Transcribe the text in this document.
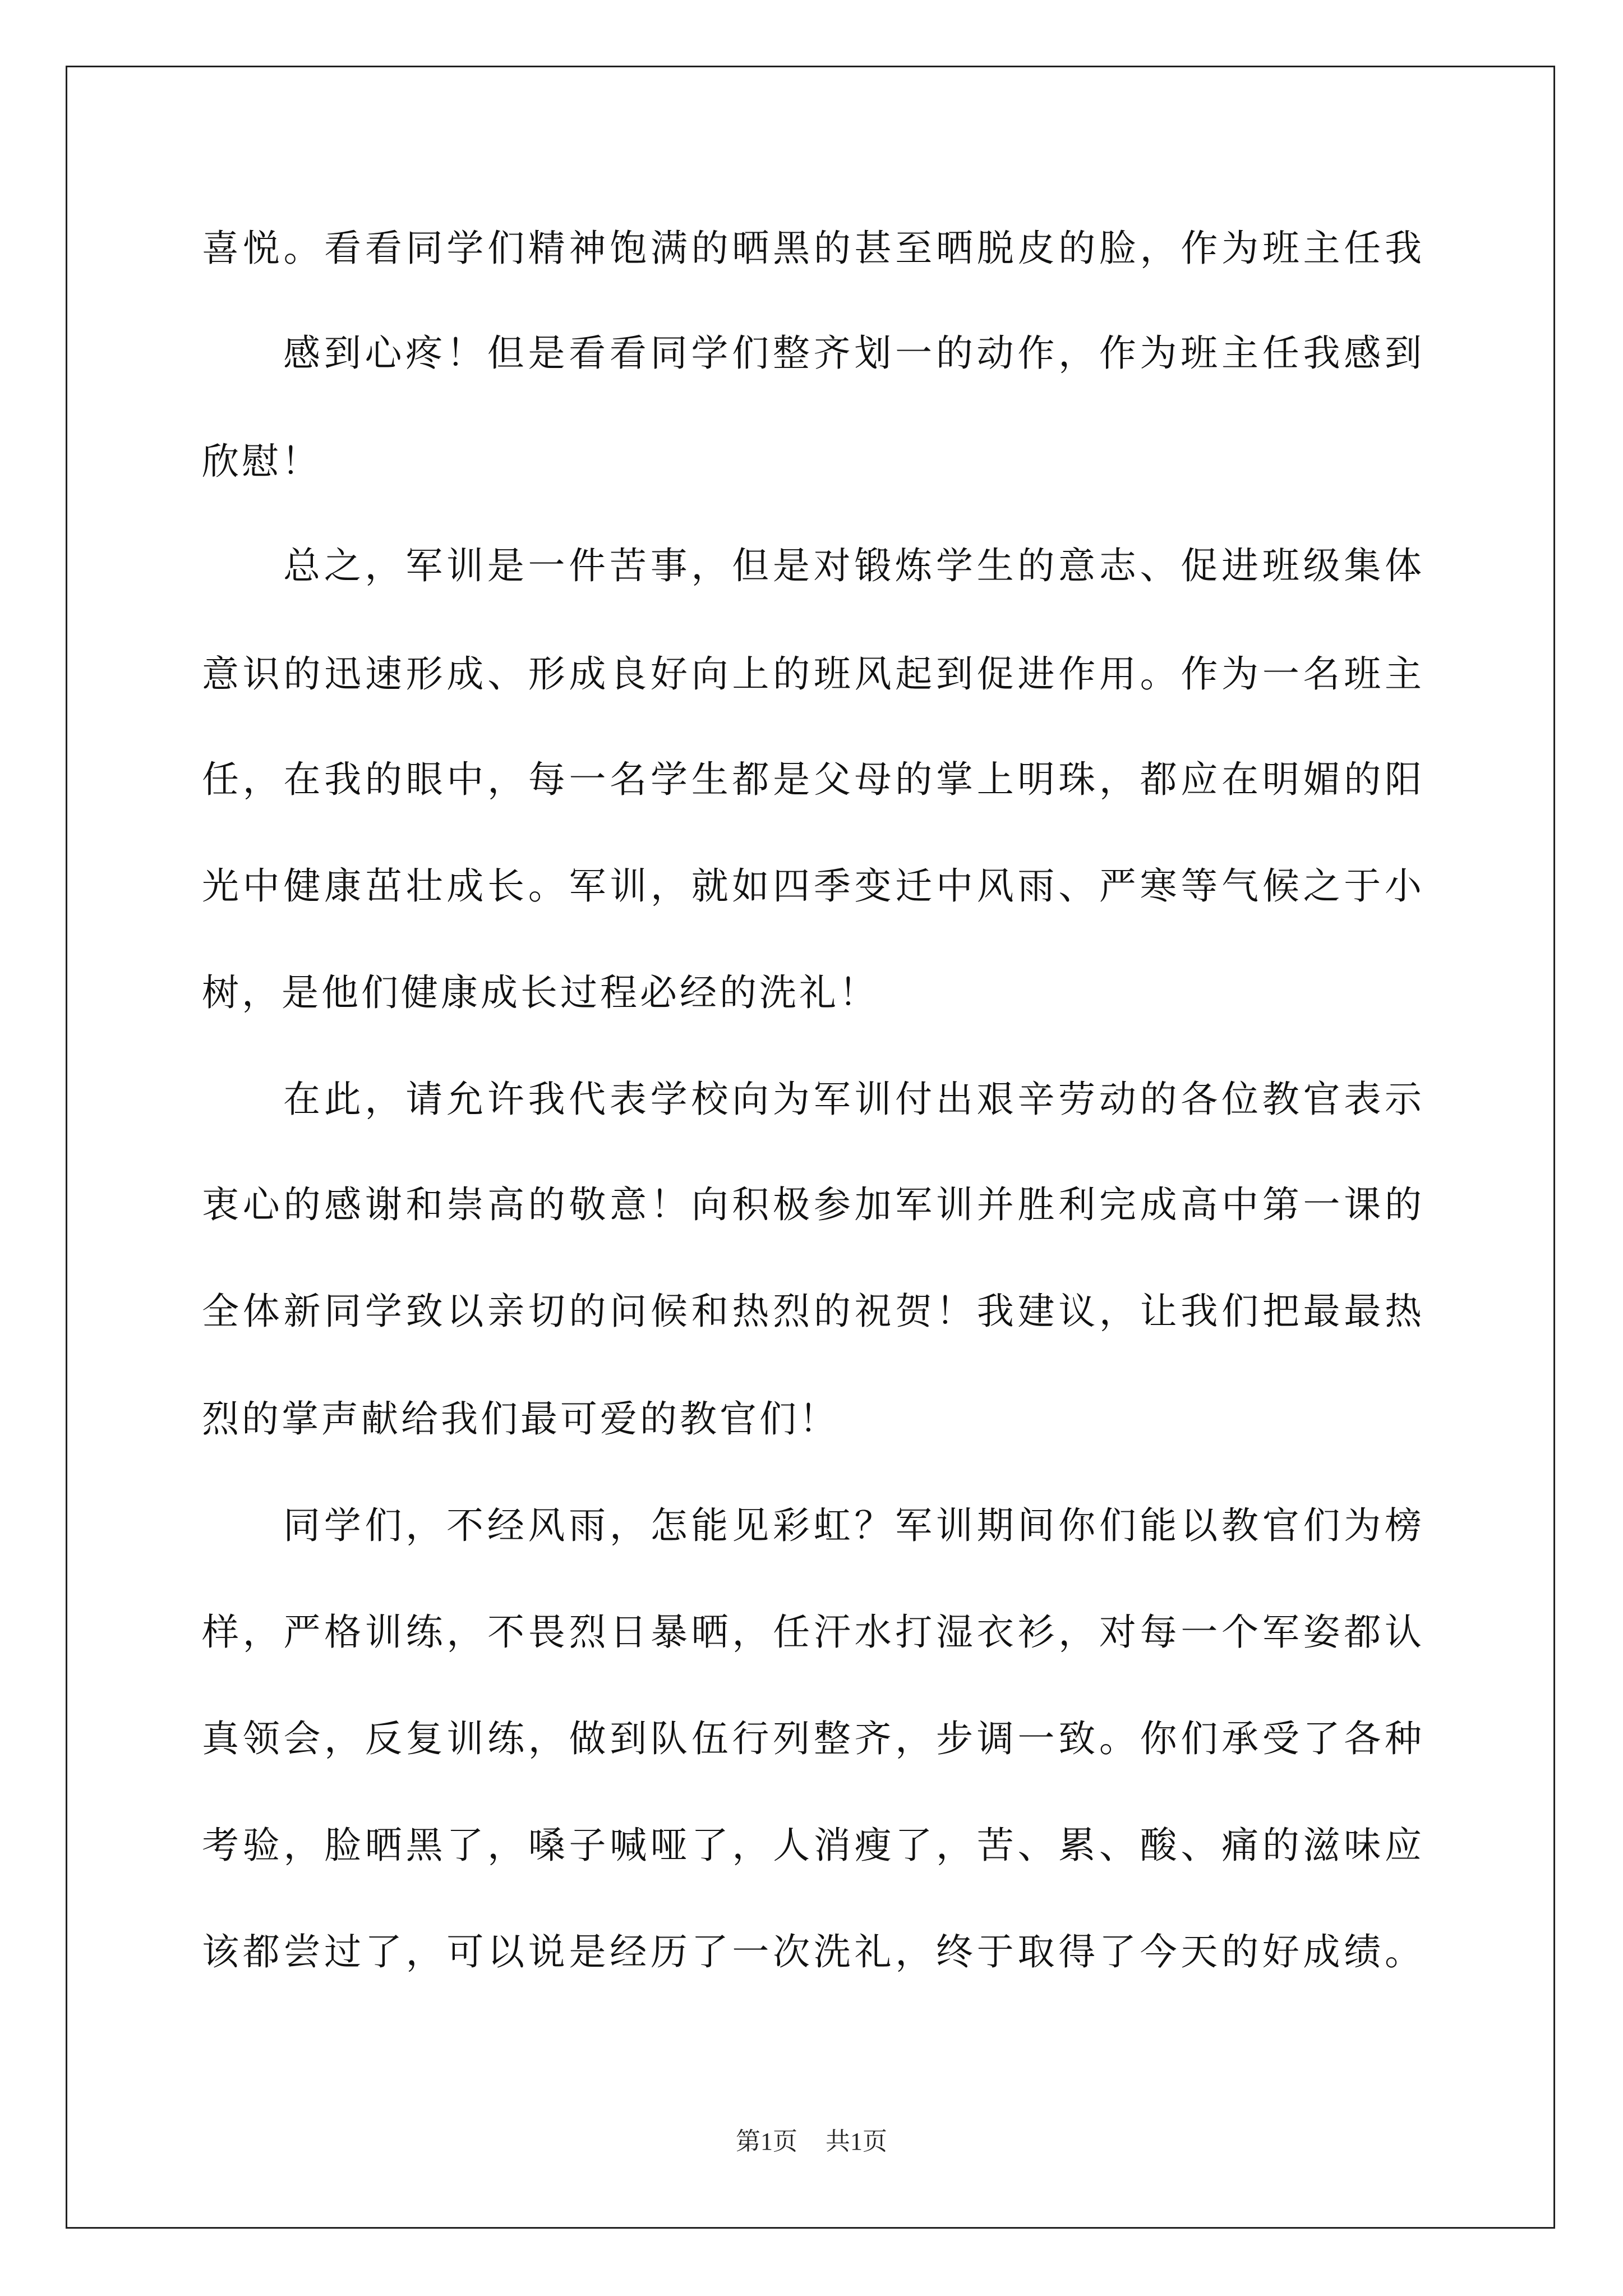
喜悦。看看同学们精神饱满的晒黑的甚至晒脱皮的脸，作为班主任我
感到心疼！但是看看同学们整齐划一的动作，作为班主任我感到
欣慰！
总之，军训是一件苦事，但是对锻炼学生的意志、促进班级集体
意识的迅速形成、形成良好向上的班风起到促进作用。作为一名班主
任，在我的眼中，每一名学生都是父母的掌上明珠，都应在明媚的阳
光中健康茁壮成长。军训，就如四季变迁中风雨、严寒等气候之于小
树，是他们健康成长过程必经的洗礼！
在此，请允许我代表学校向为军训付出艰辛劳动的各位教官表示
衷心的感谢和崇高的敬意！向积极参加军训并胜利完成高中第一课的
全体新同学致以亲切的问候和热烈的祝贺！我建议，让我们把最最热
烈的掌声献给我们最可爱的教官们！
同学们，不经风雨，怎能见彩虹？军训期间你们能以教官们为榜
样，严格训练，不畏烈日暴晒，任汗水打湿衣衫，对每一个军姿都认
真领会，反复训练，做到队伍行列整齐，步调一致。你们承受了各种
考验，脸晒黑了，嗓子喊哑了，人消瘦了，苦、累、酸、痛的滋味应
该都尝过了，可以说是经历了一次洗礼，终于取得了今天的好成绩。
第1页 共1页
